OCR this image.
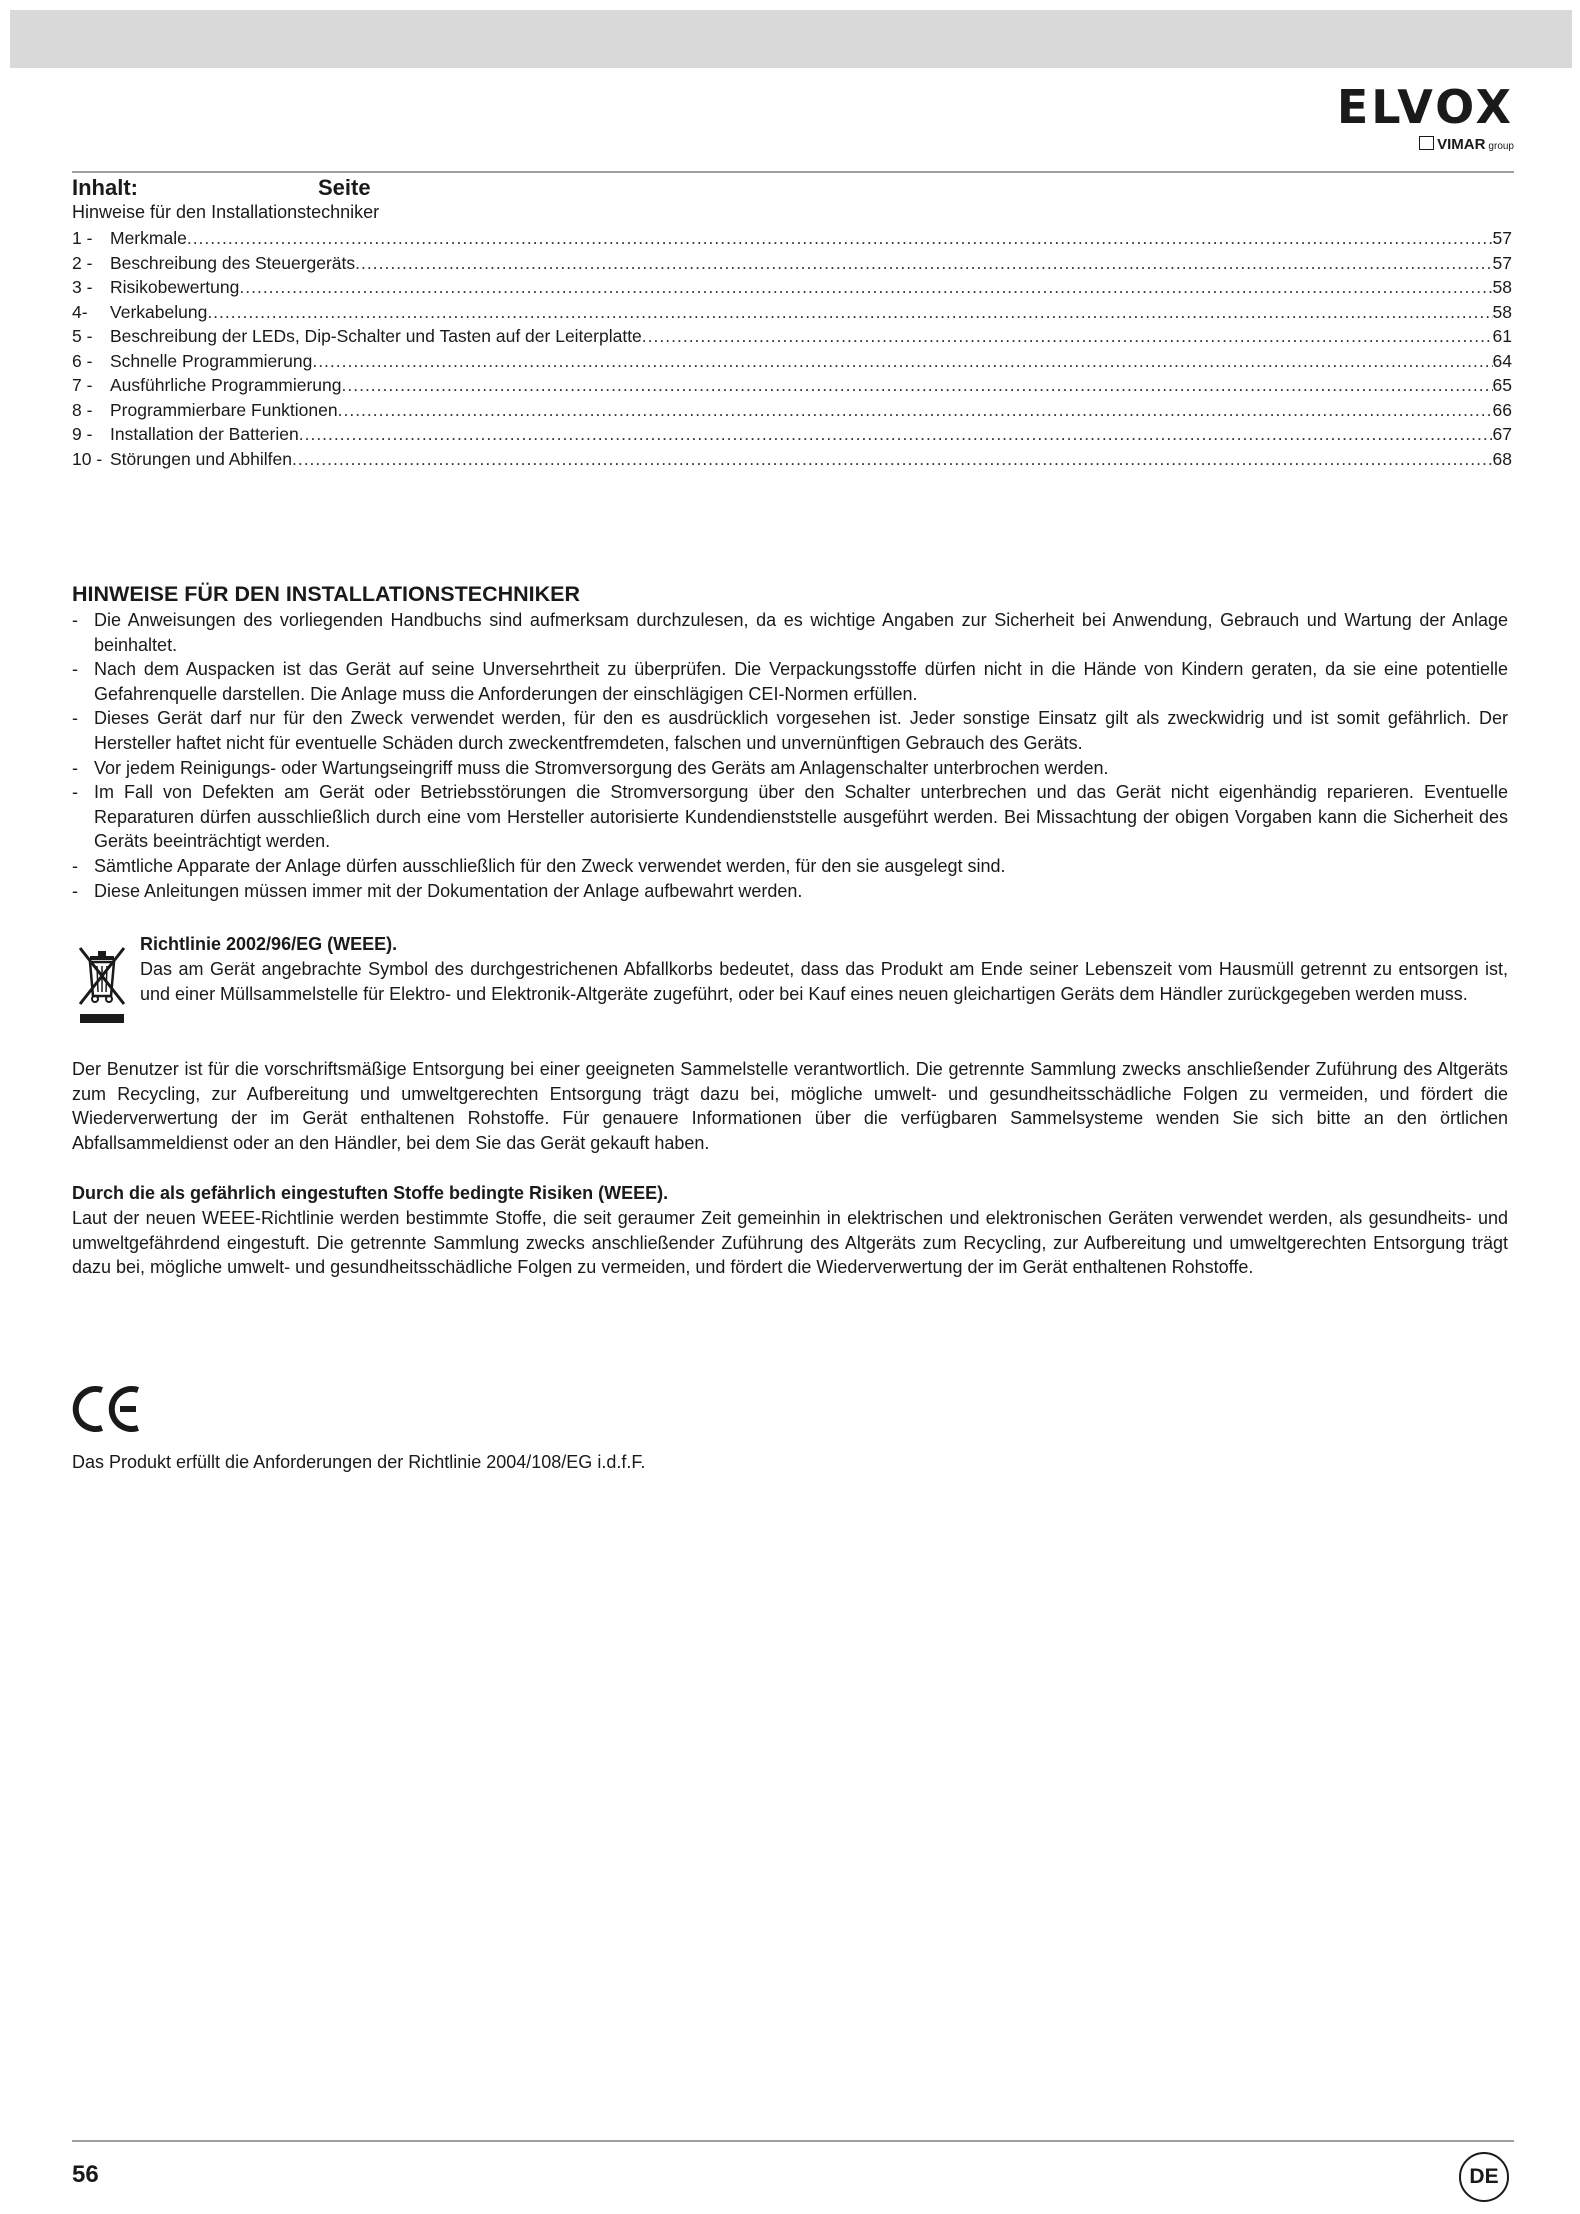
ELVOX
VIMAR group
Inhalt:	Seite
Hinweise für den Installationstechniker
1 -	Merkmale .....	57
2 -	Beschreibung des Steuergeräts .....	57
3 -	Risikobewertung .....	58
4-	Verkabelung .....	58
5 -	Beschreibung der LEDs, Dip-Schalter und Tasten auf der Leiterplatte .....	61
6 -	Schnelle Programmierung .....	64
7 -	Ausführliche Programmierung .....	65
8 -	Programmierbare Funktionen .....	66
9 -	Installation der Batterien .....	67
10 - Störungen und Abhilfen .....	68
HINWEISE FÜR DEN INSTALLATIONSTECHNIKER
- Die Anweisungen des vorliegenden Handbuchs sind aufmerksam durchzulesen, da es wichtige Angaben zur Sicherheit bei Anwendung, Gebrauch und Wartung der Anlage beinhaltet.
- Nach dem Auspacken ist das Gerät auf seine Unversehrtheit zu überprüfen. Die Verpackungsstoffe dürfen nicht in die Hände von Kindern geraten, da sie eine potentielle Gefahrenquelle darstellen. Die Anlage muss die Anforderungen der einschlägigen CEI-Normen erfüllen.
- Dieses Gerät darf nur für den Zweck verwendet werden, für den es ausdrücklich vorgesehen ist. Jeder sonstige Einsatz gilt als zweckwidrig und ist somit gefährlich. Der Hersteller haftet nicht für eventuelle Schäden durch zweckentfremdeten, falschen und unvernünftigen Gebrauch des Geräts.
- Vor jedem Reinigungs- oder Wartungseingriff muss die Stromversorgung des Geräts am Anlagenschalter unterbrochen werden.
- Im Fall von Defekten am Gerät oder Betriebsstörungen die Stromversorgung über den Schalter unterbrechen und das Gerät nicht eigenhändig reparieren. Eventuelle Reparaturen dürfen ausschließlich durch eine vom Hersteller autorisierte Kundendienststelle ausgeführt werden. Bei Missachtung der obigen Vorgaben kann die Sicherheit des Geräts beeinträchtigt werden.
- Sämtliche Apparate der Anlage dürfen ausschließlich für den Zweck verwendet werden, für den sie ausgelegt sind.
- Diese Anleitungen müssen immer mit der Dokumentation der Anlage aufbewahrt werden.
Richtlinie 2002/96/EG (WEEE).
Das am Gerät angebrachte Symbol des durchgestrichenen Abfallkorbs bedeutet, dass das Produkt am Ende seiner Lebenszeit vom Hausmüll getrennt zu entsorgen ist, und einer Müllsammelstelle für Elektro- und Elektronik-Altgeräte zugeführt, oder bei Kauf eines neuen gleichartigen Geräts dem Händler zurückgegeben werden muss.
Der Benutzer ist für die vorschriftsmäßige Entsorgung bei einer geeigneten Sammelstelle verantwortlich. Die getrennte Sammlung zwecks anschließender Zuführung des Altgeräts zum Recycling, zur Aufbereitung und umweltgerechten Entsorgung trägt dazu bei, mögliche umwelt- und gesundheitsschädliche Folgen zu vermeiden, und fördert die Wiederverwertung der im Gerät enthaltenen Rohstoffe. Für genauere Informationen über die verfügbaren Sammelsysteme wenden Sie sich bitte an den örtlichen Abfallsammeldienst oder an den Händler, bei dem Sie das Gerät gekauft haben.
Durch die als gefährlich eingestuften Stoffe bedingte Risiken (WEEE).
Laut der neuen WEEE-Richtlinie werden bestimmte Stoffe, die seit geraumer Zeit gemeinhin in elektrischen und elektronischen Geräten verwendet werden, als gesundheits- und umweltgefährdend eingestuft. Die getrennte Sammlung zwecks anschließender Zuführung des Altgeräts zum Recycling, zur Aufbereitung und umweltgerechten Entsorgung trägt dazu bei, mögliche umwelt- und gesundheitsschädliche Folgen zu vermeiden, und fördert die Wiederverwertung der im Gerät enthaltenen Rohstoffe.
Das Produkt erfüllt die Anforderungen der Richtlinie 2004/108/EG i.d.f.F.
56	DE
